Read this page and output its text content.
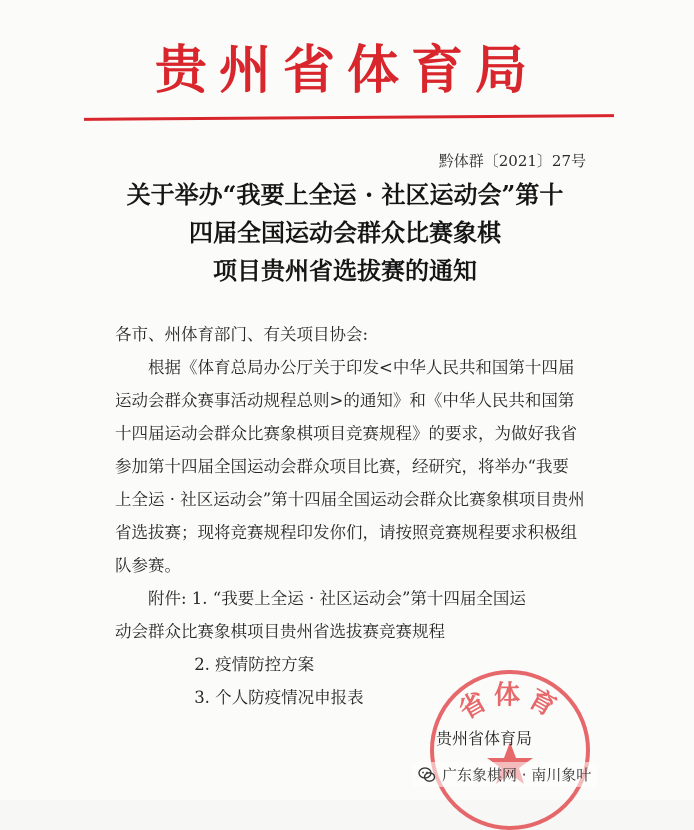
贵州省体育局
黔体群〔2021〕27号
关于举办“我要上全运 · 社区运动会”第十
四届全国运动会群众比赛象棋
项目贵州省选拔赛的通知

各市、州体育部门、有关项目协会:

根据《体育总局办公厅关于印发<中华人民共和国第十四届运动会群众赛事活动规程总则>的通知》和《中华人民共和国第十四届运动会群众比赛象棋项目竞赛规程》的要求，为做好我省参加第十四届全国运动会群众项目比赛，经研究，将举办“我要上全运 · 社区运动会”第十四届全国运动会群众比赛象棋项目贵州省选拔赛；现将竞赛规程印发你们，请按照竞赛规程要求积极组队参赛。

附件: 1. “我要上全运 · 社区运动会”第十四届全国运

动会群众比赛象棋项目贵州省选拔赛竞赛规程

2. 疫情防控方案

3. 个人防疫情况申报表	省体育
贵州省体育局
广东象棋网 · 南川象叶
